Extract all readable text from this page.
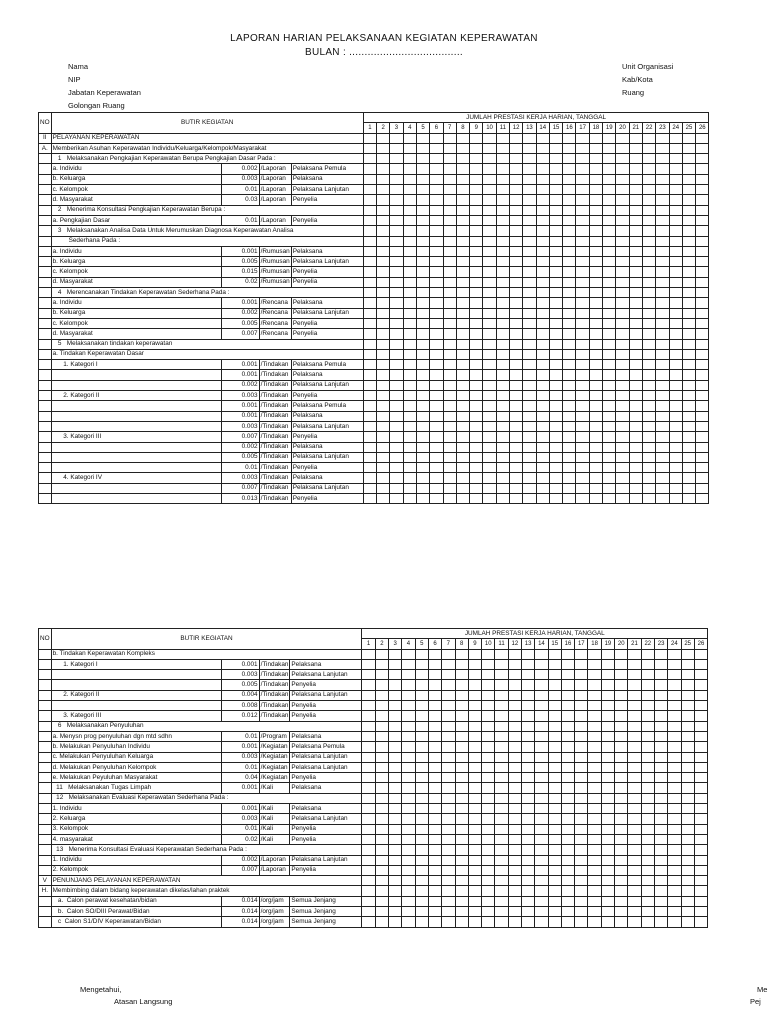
LAPORAN HARIAN PELAKSANAAN KEGIATAN KEPERAWATAN
BULAN : .....................................
Nama
NIP
Jabatan Keperawatan
Golongan Ruang
Unit Organisasi
Kab/Kota
Ruang
NO	BUTIR KEGIATAN				JUMLAH PRESTASI KERJA HARIAN, TANGGAL																									
					1	2	3	4	5	6	7	8	9	10	11	12	13	14	15	16	17	18	19	20	21	22	23	24	25	26
II	PELAYANAN KEPERAWATAN																													
A.	Memberikan Asuhan Keperawatan Individu/Keluarga/Kelompok/Masyarakat																													
	1   Melaksanakan Pengkajian Keperawatan Berupa Pengkajian Dasar Pada :																													
	a. Individu	0.002	/Laporan	Pelaksana Pemula																										
	b. Keluarga	0.003	/Laporan	Pelaksana																										
	c. Kelompok	0.01	/Laporan	Pelaksana Lanjutan																										
	d. Masyarakat	0.03	/Laporan	Penyelia																										
	2   Menerima Konsultasi Pengkajian Keperawatan Berupa :																													
	a. Pengkajian Dasar	0.01	/Laporan	Penyelia																										
	3   Melaksanakan Analisa Data Untuk Merumuskan Diagnosa Keperawatan Analisa																													
	Sederhana Pada :																													
	a. Individu	0.001	/Rumusan	Pelaksana																										
	b. Keluarga	0.005	/Rumusan	Pelaksana Lanjutan																										
	c. Kelompok	0.015	/Rumusan	Penyelia																										
	d. Masyarakat	0.02	/Rumusan	Penyelia																										
	4   Merencanakan Tindakan Keperawatan Sederhana Pada :																													
	a. Individu	0.001	/Rencana	Pelaksana																										
	b. Keluarga	0.002	/Rencana	Pelaksana Lanjutan																										
	c. Kelompok	0.005	/Rencana	Penyelia																										
	d. Masyarakat	0.007	/Rencana	Penyelia																										
	5   Melaksanakan tindakan keperawatan																													
	a. Tindakan Keperawatan Dasar																													
	1. Kategori I	0.001	/Tindakan	Pelaksana Pemula																										
		0.001	/Tindakan	Pelaksana																										
		0.002	/Tindakan	Pelaksana Lanjutan																										
	2. Kategori II	0.003	/Tindakan	Penyelia																										
		0.001	/Tindakan	Pelaksana Pemula																										
		0.001	/Tindakan	Pelaksana																										
		0.003	/Tindakan	Pelaksana Lanjutan																										
	3. Kategori III	0.007	/Tindakan	Penyelia																										
		0.002	/Tindakan	Pelaksana																										
		0.005	/Tindakan	Pelaksana Lanjutan																										
		0.01	/Tindakan	Penyelia																										
	4. Kategori IV	0.003	/Tindakan	Pelaksana																										
		0.007	/Tindakan	Pelaksana Lanjutan																										
		0.013	/Tindakan	Penyelia																										
NO	BUTIR KEGIATAN				JUMLAH PRESTASI KERJA HARIAN, TANGGAL																									
					1	2	3	4	5	6	7	8	9	10	11	12	13	14	15	16	17	18	19	20	21	22	23	24	25	26
	b. Tindakan Keperawatan Kompleks																													
	1. Kategori I	0.001	/Tindakan	Pelaksana																										
		0.003	/Tindakan	Pelaksana Lanjutan																										
		0.005	/Tindakan	Penyelia																										
	2. Kategori II	0.004	/Tindakan	Pelaksana Lanjutan																										
		0.008	/Tindakan	Penyelia																										
	3. Kategori III	0.012	/Tindakan	Penyelia																										
	6   Melaksanakan Penyuluhan																													
	a. Menysn prog penyuluhan dgn mtd sdhn	0.01	/Program	Pelaksana																										
	b. Melakukan Penyuluhan Individu	0.001	/Kegiatan	Pelaksana Pemula																										
	c. Melakukan Penyuluhan Keluarga	0.003	/Kegiatan	Pelaksana Lanjutan																										
	d. Melakukan Penyuluhan Kelompok	0.01	/Kegiatan	Pelaksana Lanjutan																										
	e. Melakukan Peyuluhan Masyarakat	0.04	/Kegiatan	Penyelia																										
	11   Melaksanakan Tugas Limpah	0.001	/Kali	Pelaksana																										
	12   Melaksanakan Evaluasi Keperawatan Sederhana Pada :																													
	1. Individu	0.001	/Kali	Pelaksana																										
	2. Keluarga	0.003	/Kali	Pelaksana Lanjutan																										
	3. Kelompok	0.01	/Kali	Penyelia																										
	4. masyarakat	0.02	/Kali	Penyelia																										
	13   Menerima Konsultasi Evaluasi Keperawatan Sederhana Pada :																													
	1. Individu	0.002	/Laporan	Pelaksana Lanjutan																										
	2. Kelompok	0.007	/Laporan	Penyelia																										
V	PENUNJANG PELAYANAN KEPERAWATAN																													
H.	Membimbing dalam bidang keperawatan dikelas/lahan praktek																													
	a.  Calon perawat kesehatan/bidan	0.014	/org/jam	Semua Jenjang																										
	b.  Calon SO/DIII Perawat/Bidan	0.014	/org/jam	Semua Jenjang																										
	c  Calon S1/DIV Keperawatan/Bidan	0.014	/org/jam	Semua Jenjang																										
Mengetahui,
Atasan Langsung
Me
Pej
